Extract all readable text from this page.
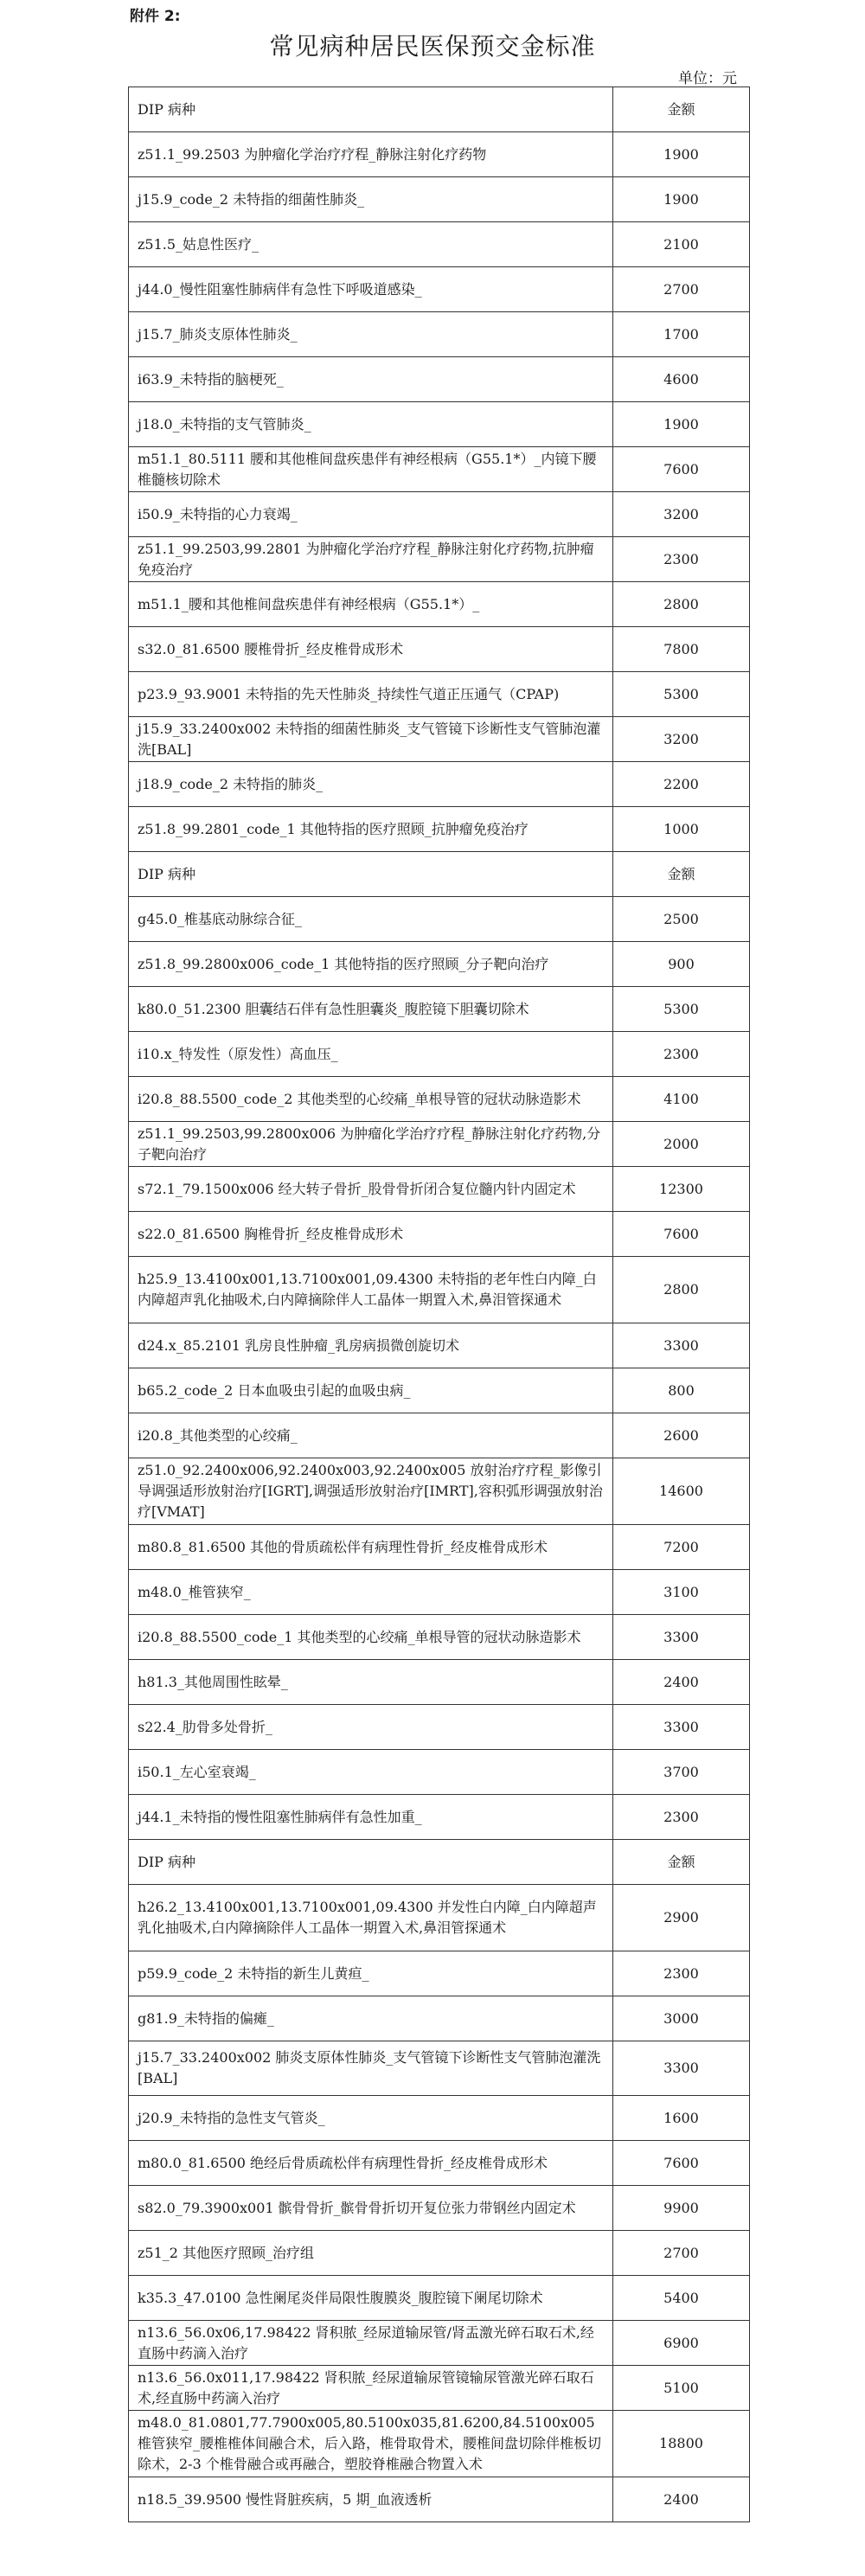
附件 2:
常见病种居民医保预交金标准
单位：元
DIP 病种	金额
z51.1_99.2503 为肿瘤化学治疗疗程_静脉注射化疗药物	1900
j15.9_code_2 未特指的细菌性肺炎_	1900
z51.5_姑息性医疗_	2100
j44.0_慢性阻塞性肺病伴有急性下呼吸道感染_	2700
j15.7_肺炎支原体性肺炎_	1700
i63.9_未特指的脑梗死_	4600
j18.0_未特指的支气管肺炎_	1900
m51.1_80.5111 腰和其他椎间盘疾患伴有神经根病（G55.1*）_内镜下腰椎髓核切除术	7600
i50.9_未特指的心力衰竭_	3200
z51.1_99.2503,99.2801 为肿瘤化学治疗疗程_静脉注射化疗药物,抗肿瘤免疫治疗	2300
m51.1_腰和其他椎间盘疾患伴有神经根病（G55.1*）_	2800
s32.0_81.6500 腰椎骨折_经皮椎骨成形术	7800
p23.9_93.9001 未特指的先天性肺炎_持续性气道正压通气（CPAP)	5300
j15.9_33.2400x002 未特指的细菌性肺炎_支气管镜下诊断性支气管肺泡灌洗[BAL]	3200
j18.9_code_2 未特指的肺炎_	2200
z51.8_99.2801_code_1 其他特指的医疗照顾_抗肿瘤免疫治疗	1000
DIP 病种	金额
g45.0_椎基底动脉综合征_	2500
z51.8_99.2800x006_code_1 其他特指的医疗照顾_分子靶向治疗	900
k80.0_51.2300 胆囊结石伴有急性胆囊炎_腹腔镜下胆囊切除术	5300
i10.x_特发性（原发性）高血压_	2300
i20.8_88.5500_code_2 其他类型的心绞痛_单根导管的冠状动脉造影术	4100
z51.1_99.2503,99.2800x006 为肿瘤化学治疗疗程_静脉注射化疗药物,分子靶向治疗	2000
s72.1_79.1500x006 经大转子骨折_股骨骨折闭合复位髓内针内固定术	12300
s22.0_81.6500 胸椎骨折_经皮椎骨成形术	7600
h25.9_13.4100x001,13.7100x001,09.4300 未特指的老年性白内障_白内障超声乳化抽吸术,白内障摘除伴人工晶体一期置入术,鼻泪管探通术	2800
d24.x_85.2101 乳房良性肿瘤_乳房病损微创旋切术	3300
b65.2_code_2 日本血吸虫引起的血吸虫病_	800
i20.8_其他类型的心绞痛_	2600
z51.0_92.2400x006,92.2400x003,92.2400x005 放射治疗疗程_影像引导调强适形放射治疗[IGRT],调强适形放射治疗[IMRT],容积弧形调强放射治疗[VMAT]	14600
m80.8_81.6500 其他的骨质疏松伴有病理性骨折_经皮椎骨成形术	7200
m48.0_椎管狭窄_	3100
i20.8_88.5500_code_1 其他类型的心绞痛_单根导管的冠状动脉造影术	3300
h81.3_其他周围性眩晕_	2400
s22.4_肋骨多处骨折_	3300
i50.1_左心室衰竭_	3700
j44.1_未特指的慢性阻塞性肺病伴有急性加重_	2300
DIP 病种	金额
h26.2_13.4100x001,13.7100x001,09.4300 并发性白内障_白内障超声乳化抽吸术,白内障摘除伴人工晶体一期置入术,鼻泪管探通术	2900
p59.9_code_2 未特指的新生儿黄疸_	2300
g81.9_未特指的偏瘫_	3000
j15.7_33.2400x002 肺炎支原体性肺炎_支气管镜下诊断性支气管肺泡灌洗[BAL]	3300
j20.9_未特指的急性支气管炎_	1600
m80.0_81.6500 绝经后骨质疏松伴有病理性骨折_经皮椎骨成形术	7600
s82.0_79.3900x001 髌骨骨折_髌骨骨折切开复位张力带钢丝内固定术	9900
z51_2 其他医疗照顾_治疗组	2700
k35.3_47.0100 急性阑尾炎伴局限性腹膜炎_腹腔镜下阑尾切除术	5400
n13.6_56.0x06,17.98422 肾积脓_经尿道输尿管/肾盂激光碎石取石术,经直肠中药滴入治疗	6900
n13.6_56.0x011,17.98422 肾积脓_经尿道输尿管镜输尿管激光碎石取石术,经直肠中药滴入治疗	5100
m48.0_81.0801,77.7900x005,80.5100x035,81.6200,84.5100x005 椎管狭窄_腰椎椎体间融合术，后入路，椎骨取骨术，腰椎间盘切除伴椎板切除术，2-3 个椎骨融合或再融合，塑胶脊椎融合物置入术	18800
n18.5_39.9500 慢性肾脏疾病，5 期_血液透析	2400
